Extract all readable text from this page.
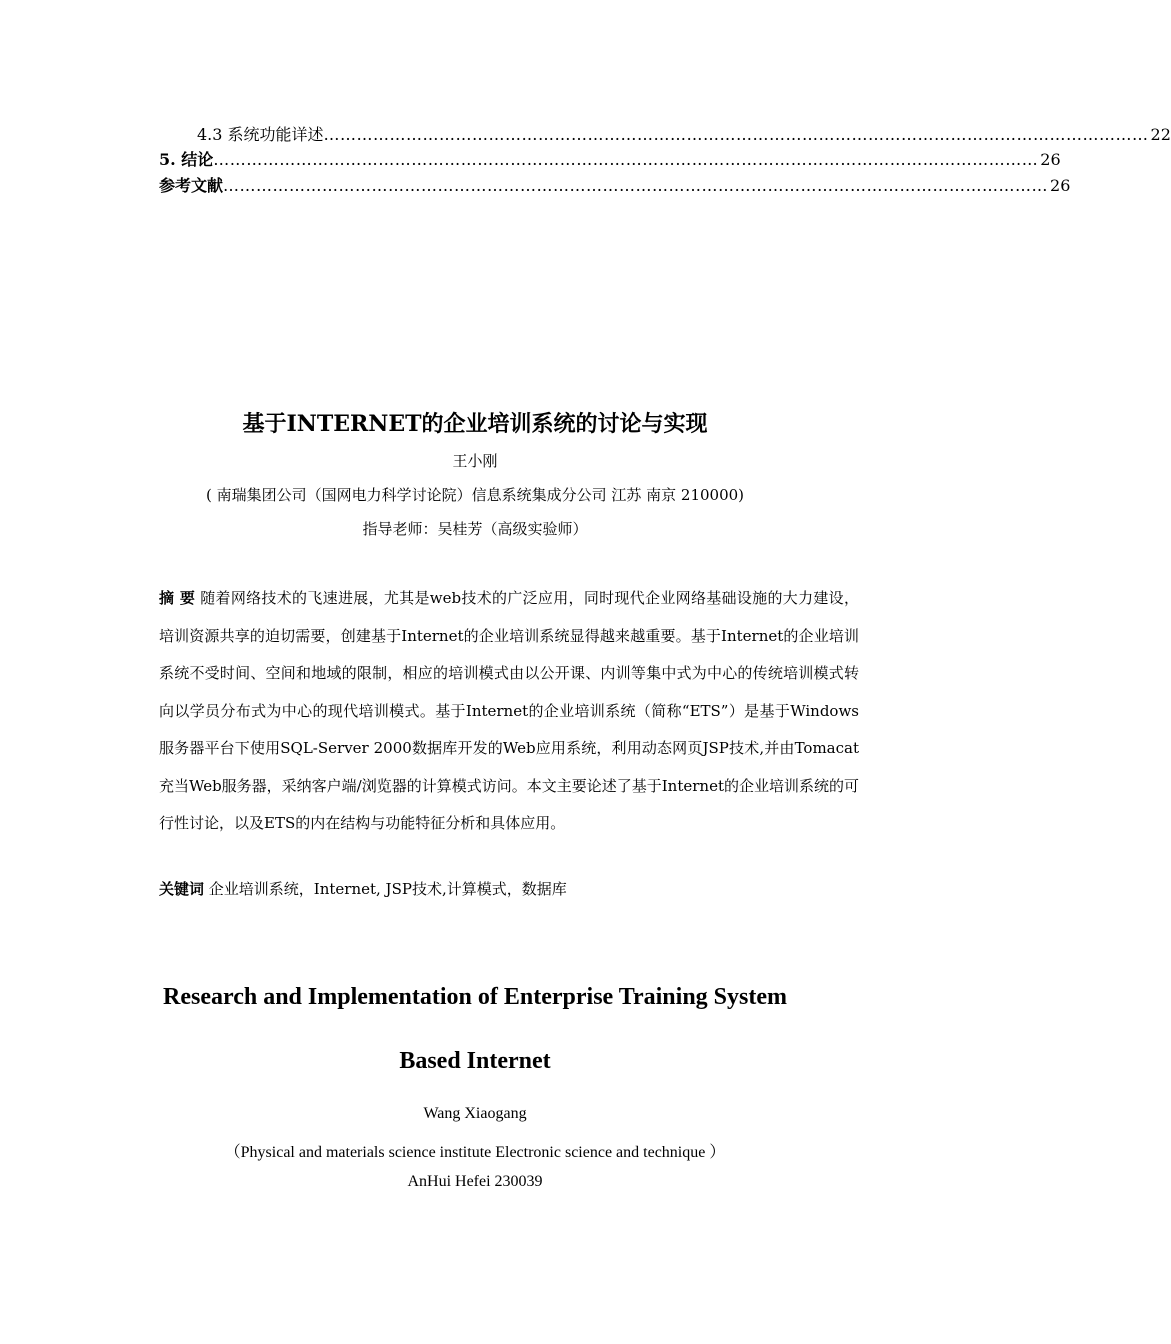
4.3 系统功能详述 …………………………………………………………………………………………………………………………………… 22
5. 结论 …………………………………………………………………………………………………………………………………… 26
参考文献 …………………………………………………………………………………………………………………………………… 26
基于INTERNET的企业培训系统的讨论与实现
王小刚
( 南瑞集团公司（国网电力科学讨论院）信息系统集成分公司 江苏 南京 210000)
指导老师：吴桂芳（高级实验师）
摘 要 随着网络技术的飞速进展，尤其是web技术的广泛应用，同时现代企业网络基础设施的大力建设，培训资源共享的迫切需要，创建基于Internet的企业培训系统显得越来越重要。基于Internet的企业培训系统不受时间、空间和地域的限制，相应的培训模式由以公开课、内训等集中式为中心的传统培训模式转向以学员分布式为中心的现代培训模式。基于Internet的企业培训系统（简称“ETS”）是基于Windows服务器平台下使用SQL-Server 2000数据库开发的Web应用系统，利用动态网页JSP技术,并由Tomacat充当Web服务器，采纳客户端/浏览器的计算模式访问。本文主要论述了基于Internet的企业培训系统的可行性讨论，以及ETS的内在结构与功能特征分析和具体应用。
关键词 企业培训系统，Internet, JSP技术,计算模式，数据库
Research and Implementation of Enterprise Training System
Based Internet
Wang Xiaogang
（Physical and materials science institute Electronic science and technique ）
AnHui Hefei 230039
